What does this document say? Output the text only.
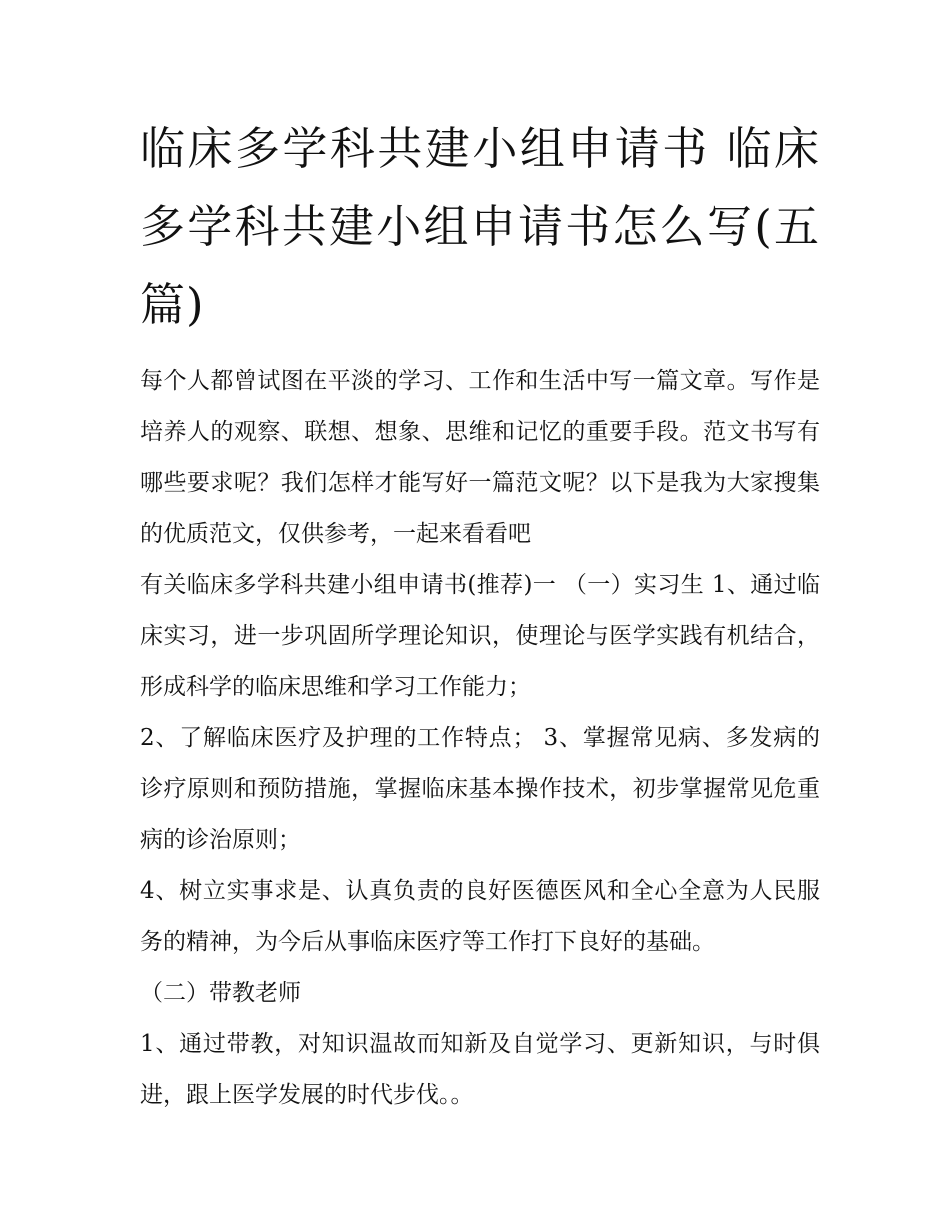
临床多学科共建小组申请书 临床多学科共建小组申请书怎么写(五篇)

每个人都曾试图在平淡的学习、工作和生活中写一篇文章。写作是培养人的观察、联想、想象、思维和记忆的重要手段。范文书写有哪些要求呢？我们怎样才能写好一篇范文呢？以下是我为大家搜集的优质范文，仅供参考，一起来看看吧

有关临床多学科共建小组申请书(推荐)一 （一）实习生 1、通过临床实习，进一步巩固所学理论知识，使理论与医学实践有机结合，形成科学的临床思维和学习工作能力；

2、了解临床医疗及护理的工作特点； 3、掌握常见病、多发病的诊疗原则和预防措施，掌握临床基本操作技术，初步掌握常见危重病的诊治原则；

4、树立实事求是、认真负责的良好医德医风和全心全意为人民服务的精神，为今后从事临床医疗等工作打下良好的基础。

（二）带教老师

1、通过带教，对知识温故而知新及自觉学习、更新知识，与时俱进，跟上医学发展的时代步伐。。
